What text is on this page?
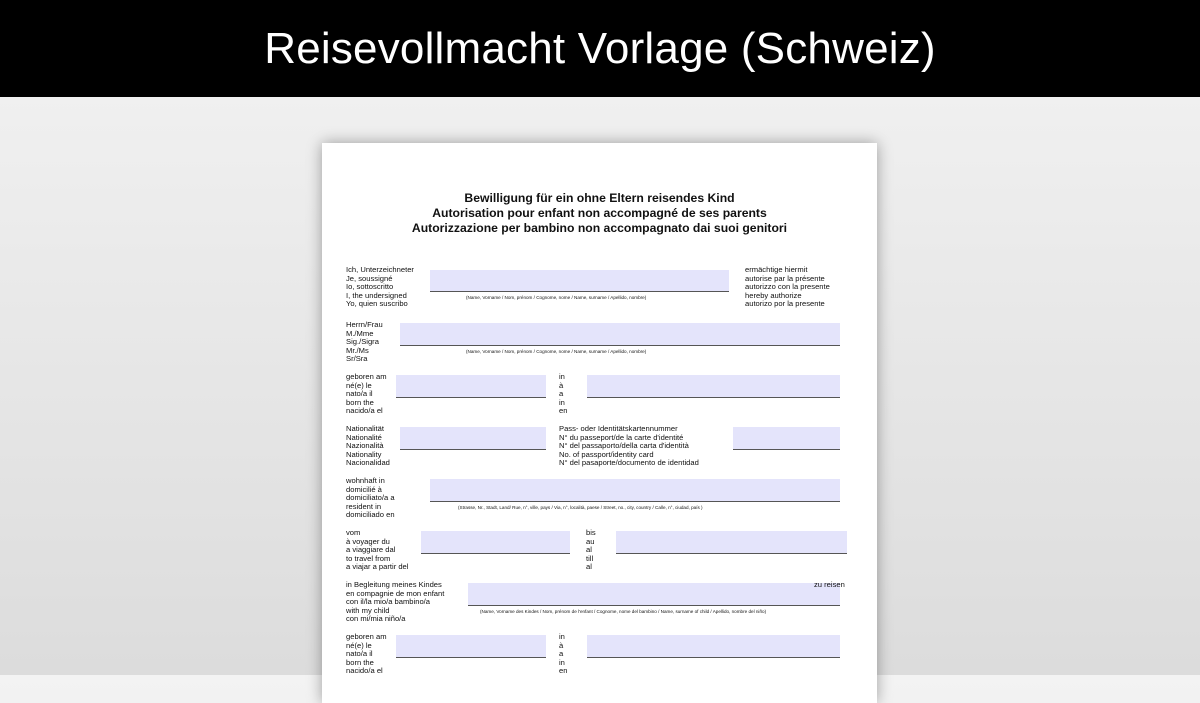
Reisevollmacht Vorlage (Schweiz)
Bewilligung für ein ohne Eltern reisendes Kind
Autorisation pour enfant non accompagné de ses parents
Autorizzazione per bambino non accompagnato dai suoi genitori
Ich, Unterzeichneter
Je, soussigné
Io, sottoscritto
I, the undersigned
Yo, quien suscribo
(Name, Vorname / Nom, prénom / Cognome, nome / Name, surname / Apellido, nombre)
ermächtige hiermit
autorise par la présente
autorizzo con la presente
hereby authorize
autorizo por la presente
Herrn/Frau
M./Mme
Sig./Sigra
Mr./Ms
Sr/Sra
(Name, Vorname / Nom, prénom / Cognome, nome / Name, surname / Apellido, nombre)
geboren am
né(e) le
nato/a il
born the
nacido/a el
in
à
a
in
en
Nationalität
Nationalité
Nazionalità
Nationality
Nacionalidad
Pass- oder Identitätskartennummer
N° du passeport/de la carte d'identité
N° del passaporto/della carta d'identità
No. of passport/identity card
N° del pasaporte/documento de identidad
wohnhaft in
domicilié à
domiciliato/a a
resident in
domiciliado en
(Strasse, Nr., Stadt, Land/ Rue, n°, ville, pays / Via, n°, località, paese / Street, no., city, country / Calle, n°, ciudad, país )
vom
à voyager du
a viaggiare dal
to travel from
a viajar a partir del
bis
au
al
till
al
in Begleitung meines Kindes
en compagnie de mon enfant
con il/la mio/a bambino/a
with my child
con mi/mia niño/a
zu reisen
(Name, Vorname des Kindes / Nom, prénom de l'enfant / Cognome, nome del bambino / Name, surname of child / Apellido, nombre del niño)
geboren am
né(e) le
nato/a il
born the
nacido/a el
in
à
a
in
en
